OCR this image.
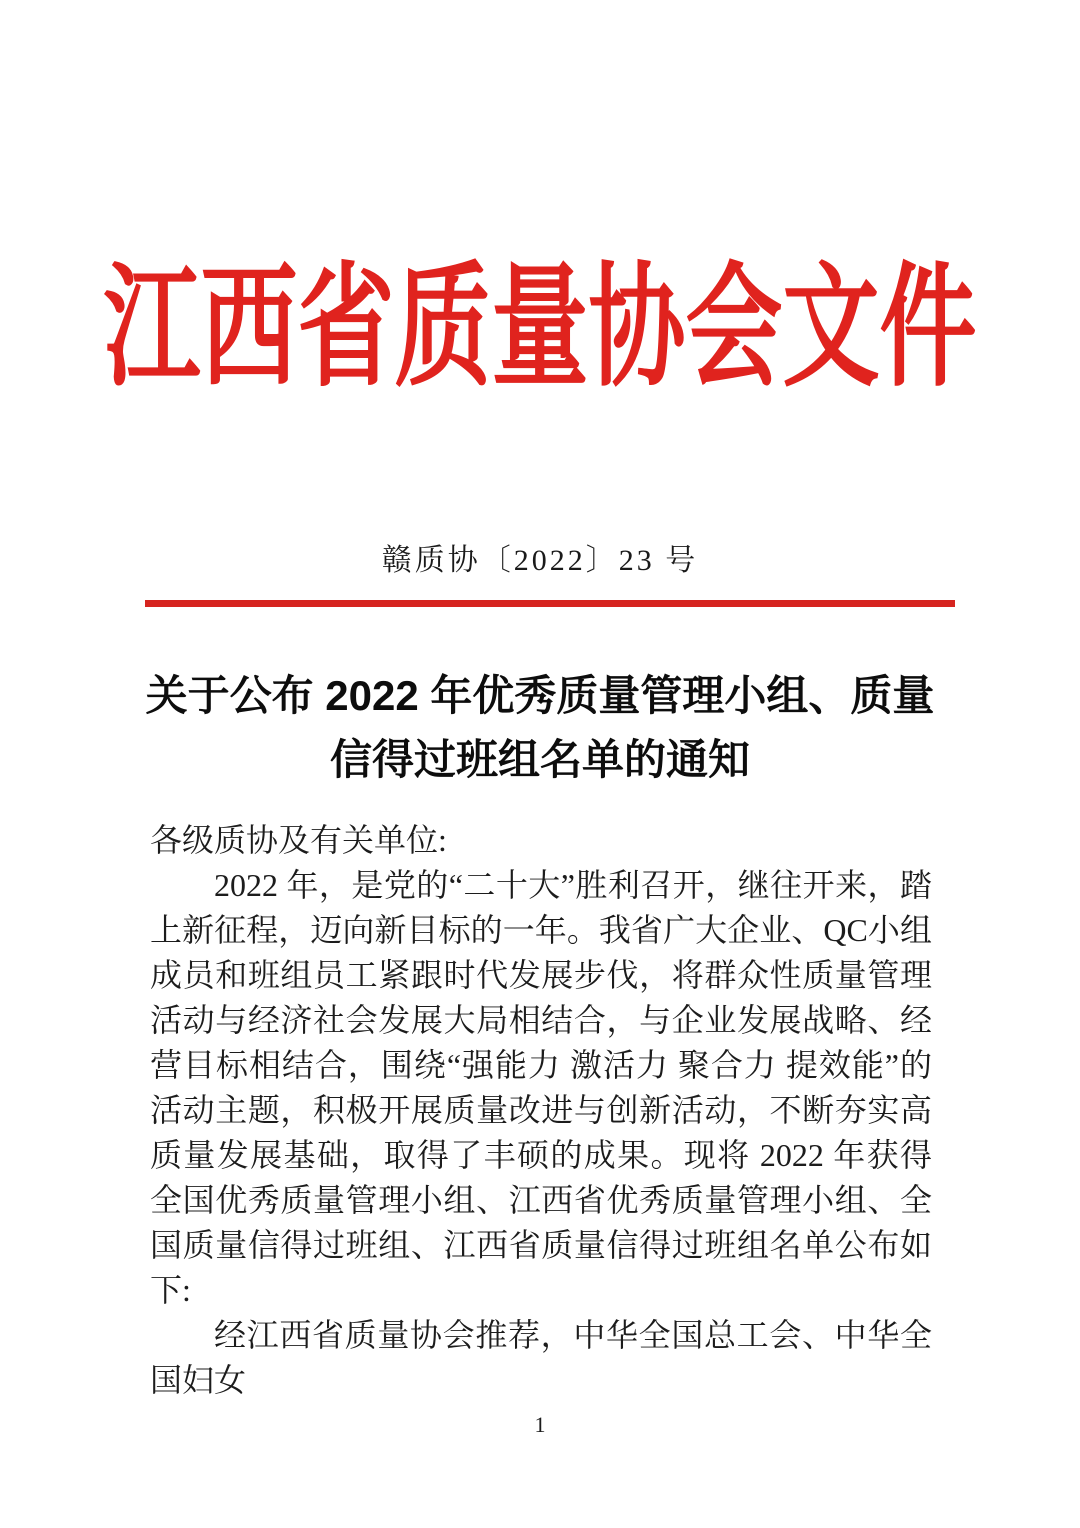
江西省质量协会文件
赣质协〔2022〕23 号
关于公布 2022 年优秀质量管理小组、质量
信得过班组名单的通知

各级质协及有关单位:

2022 年，是党的“二十大”胜利召开，继往开来，踏上新征程，迈向新目标的一年。我省广大企业、QC小组成员和班组员工紧跟时代发展步伐，将群众性质量管理活动与经济社会发展大局相结合，与企业发展战略、经营目标相结合，围绕“强能力 激活力 聚合力 提效能”的活动主题，积极开展质量改进与创新活动，不断夯实高质量发展基础，取得了丰硕的成果。现将 2022 年获得全国优秀质量管理小组、江西省优秀质量管理小组、全国质量信得过班组、江西省质量信得过班组名单公布如下:

经江西省质量协会推荐，中华全国总工会、中华全国妇女

1
